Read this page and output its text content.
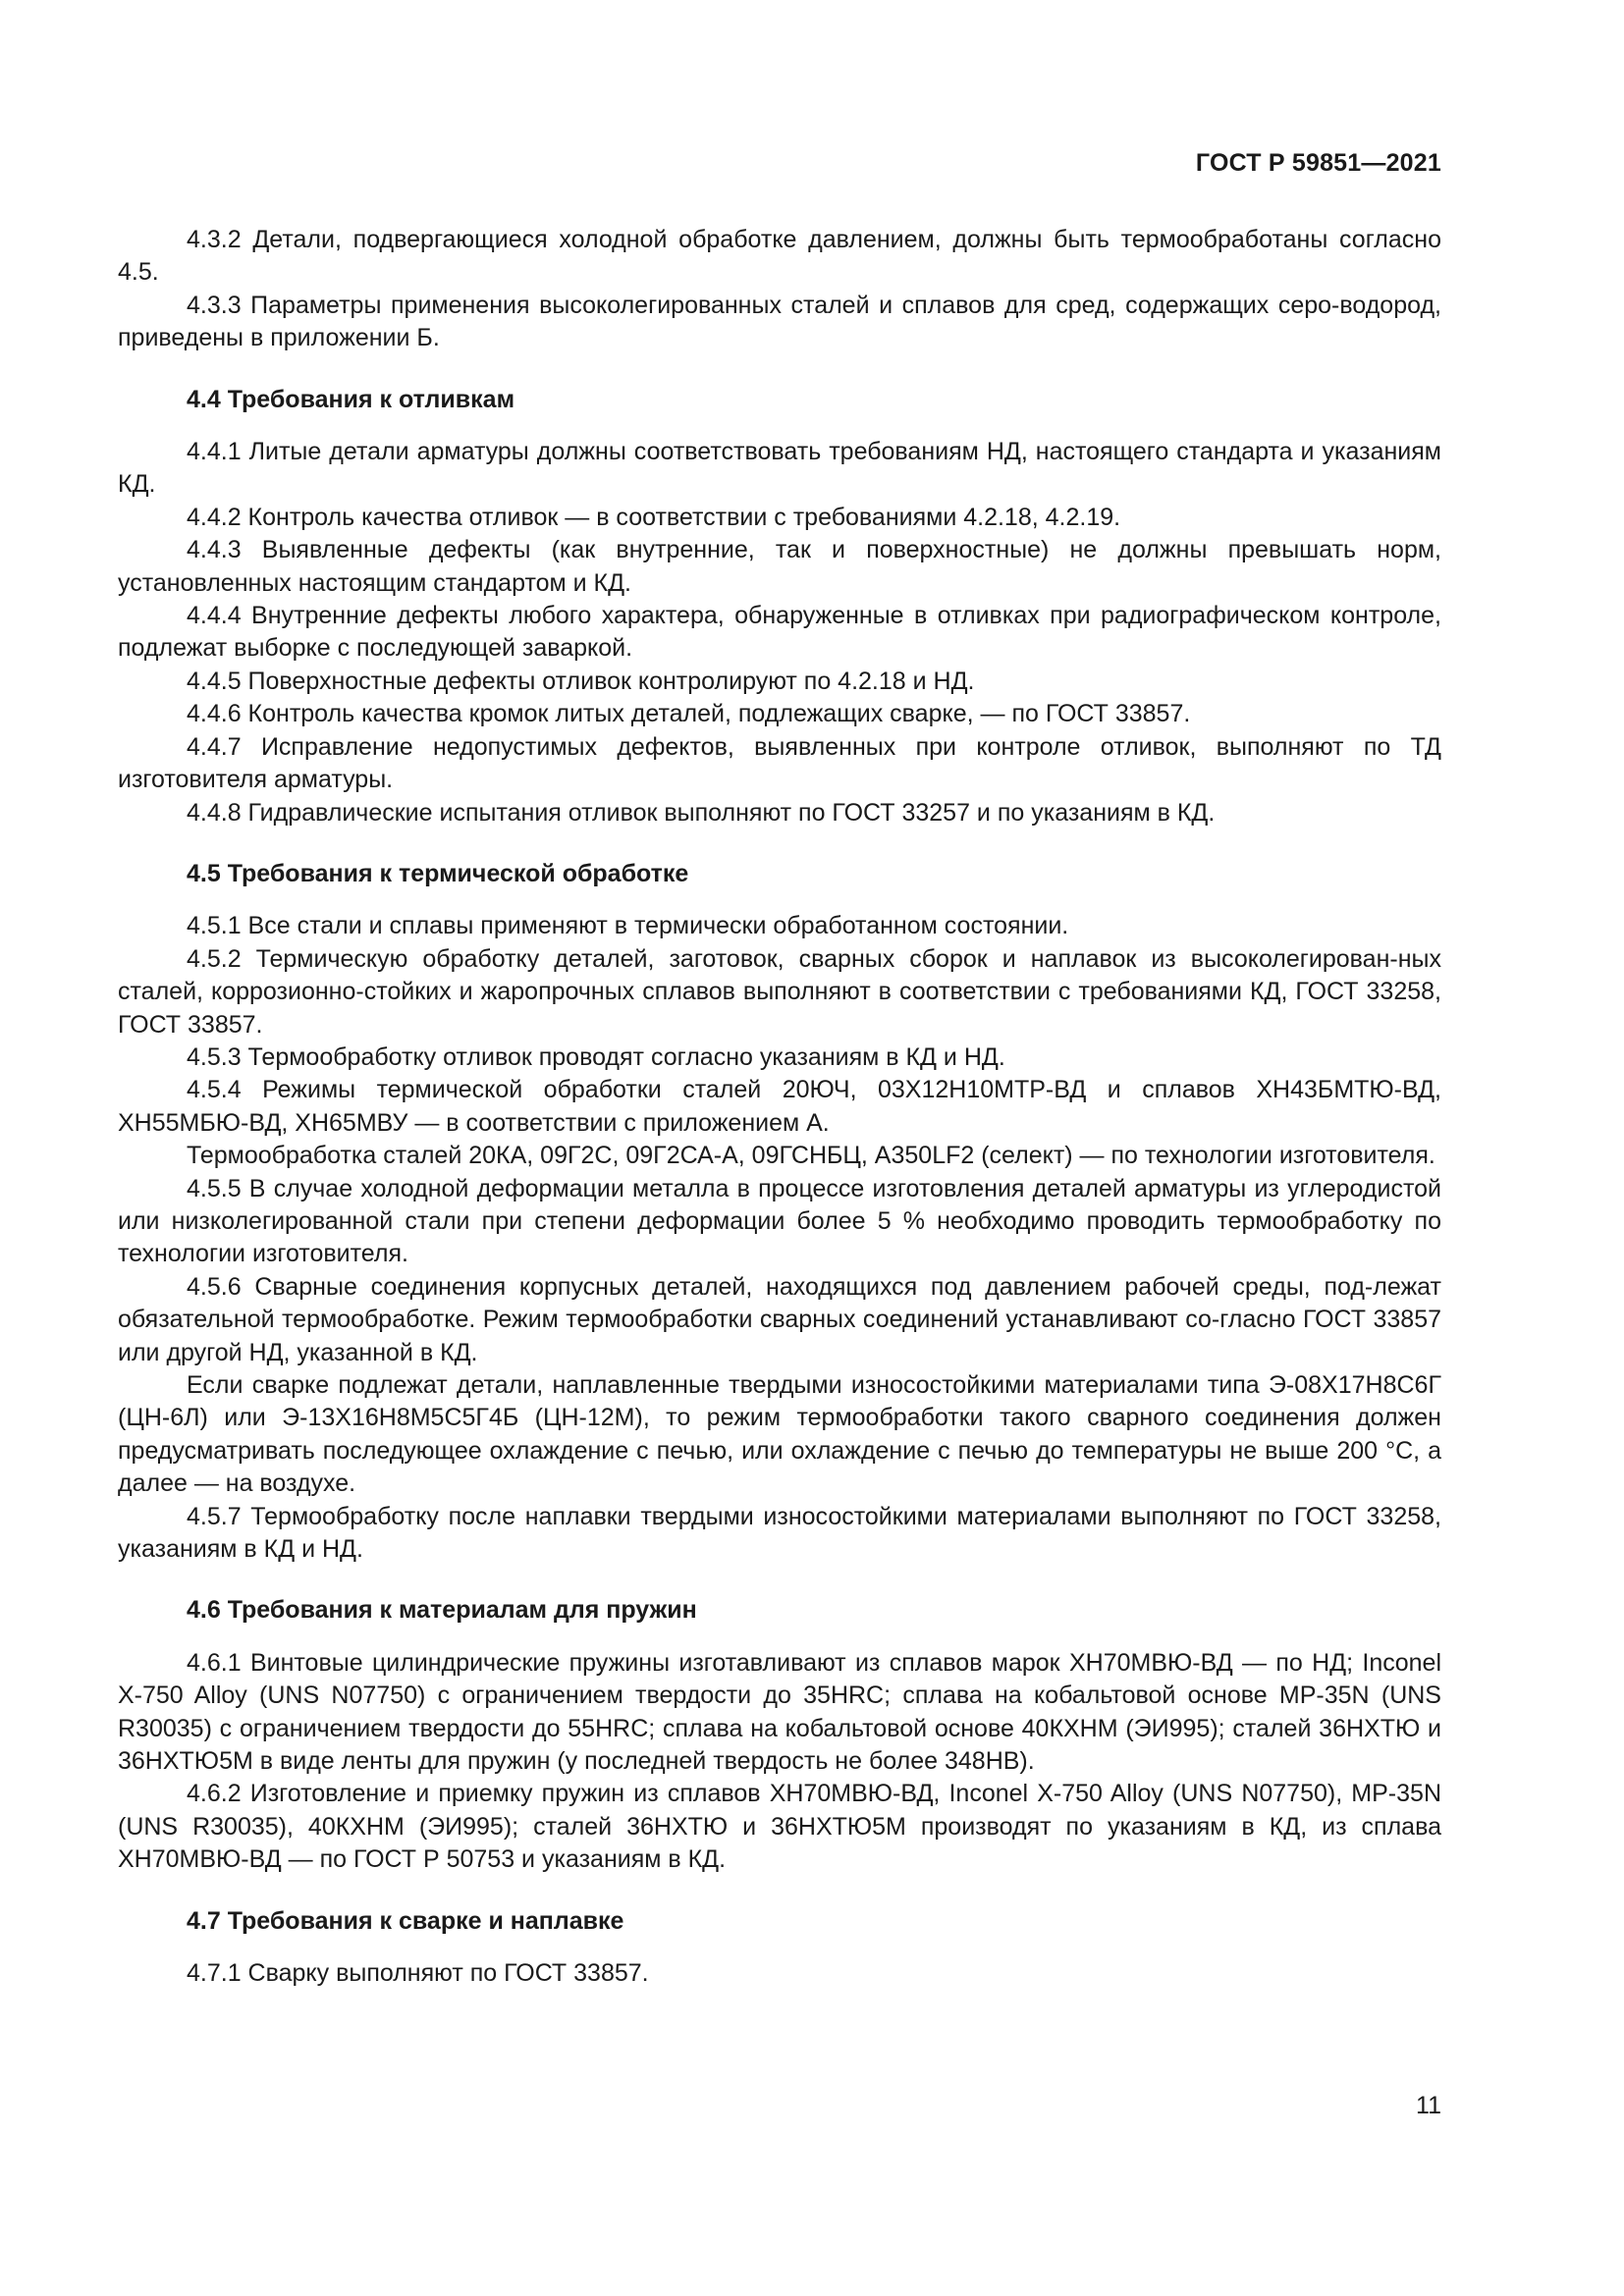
ГОСТ Р 59851—2021

4.3.2 Детали, подвергающиеся холодной обработке давлением, должны быть термообработаны согласно 4.5.

4.3.3 Параметры применения высоколегированных сталей и сплавов для сред, содержащих серо-водород, приведены в приложении Б.

4.4 Требования к отливкам

4.4.1 Литые детали арматуры должны соответствовать требованиям НД, настоящего стандарта и указаниям КД.

4.4.2 Контроль качества отливок — в соответствии с требованиями 4.2.18, 4.2.19.

4.4.3 Выявленные дефекты (как внутренние, так и поверхностные) не должны превышать норм, установленных настоящим стандартом и КД.

4.4.4 Внутренние дефекты любого характера, обнаруженные в отливках при радиографическом контроле, подлежат выборке с последующей заваркой.

4.4.5 Поверхностные дефекты отливок контролируют по 4.2.18 и НД.

4.4.6 Контроль качества кромок литых деталей, подлежащих сварке, — по ГОСТ 33857.

4.4.7 Исправление недопустимых дефектов, выявленных при контроле отливок, выполняют по ТД изготовителя арматуры.

4.4.8 Гидравлические испытания отливок выполняют по ГОСТ 33257 и по указаниям в КД.

4.5 Требования к термической обработке

4.5.1 Все стали и сплавы применяют в термически обработанном состоянии.

4.5.2 Термическую обработку деталей, заготовок, сварных сборок и наплавок из высоколегирован-ных сталей, коррозионно-стойких и жаропрочных сплавов выполняют в соответствии с требованиями КД, ГОСТ 33258, ГОСТ 33857.

4.5.3 Термообработку отливок проводят согласно указаниям в КД и НД.

4.5.4 Режимы термической обработки сталей 20ЮЧ, 03Х12Н10МТР-ВД и сплавов ХН43БМТЮ-ВД, ХН55МБЮ-ВД, ХН65МВУ — в соответствии с приложением А.

Термообработка сталей 20КА, 09Г2С, 09Г2СА-А, 09ГСНБЦ, A350LF2 (селект) — по технологии изготовителя.

4.5.5 В случае холодной деформации металла в процессе изготовления деталей арматуры из углеродистой или низколегированной стали при степени деформации более 5 % необходимо проводить термообработку по технологии изготовителя.

4.5.6 Сварные соединения корпусных деталей, находящихся под давлением рабочей среды, под-лежат обязательной термообработке. Режим термообработки сварных соединений устанавливают со-гласно ГОСТ 33857 или другой НД, указанной в КД.

Если сварке подлежат детали, наплавленные твердыми износостойкими материалами типа Э-08Х17Н8С6Г (ЦН-6Л) или Э-13Х16Н8М5С5Г4Б (ЦН-12М), то режим термообработки такого сварного соединения должен предусматривать последующее охлаждение с печью, или охлаждение с печью до температуры не выше 200 °С, а далее — на воздухе.

4.5.7 Термообработку после наплавки твердыми износостойкими материалами выполняют по ГОСТ 33258, указаниям в КД и НД.

4.6 Требования к материалам для пружин

4.6.1 Винтовые цилиндрические пружины изготавливают из сплавов марок ХН70МВЮ-ВД — по НД; Inconel X-750 Alloy (UNS N07750) с ограничением твердости до 35HRC; сплава на кобальтовой основе MP-35N (UNS R30035) с ограничением твердости до 55HRC; сплава на кобальтовой основе 40КХНМ (ЭИ995); сталей 36НХТЮ и 36НХТЮ5М в виде ленты для пружин (у последней твердость не более 348НВ).

4.6.2 Изготовление и приемку пружин из сплавов ХН70МВЮ-ВД, Inconel X-750 Alloy (UNS N07750), MP-35N (UNS R30035), 40КХНМ (ЭИ995); сталей 36НХТЮ и 36НХТЮ5М производят по указаниям в КД, из сплава ХН70МВЮ-ВД — по ГОСТ Р 50753 и указаниям в КД.

4.7 Требования к сварке и наплавке

4.7.1 Сварку выполняют по ГОСТ 33857.

11
